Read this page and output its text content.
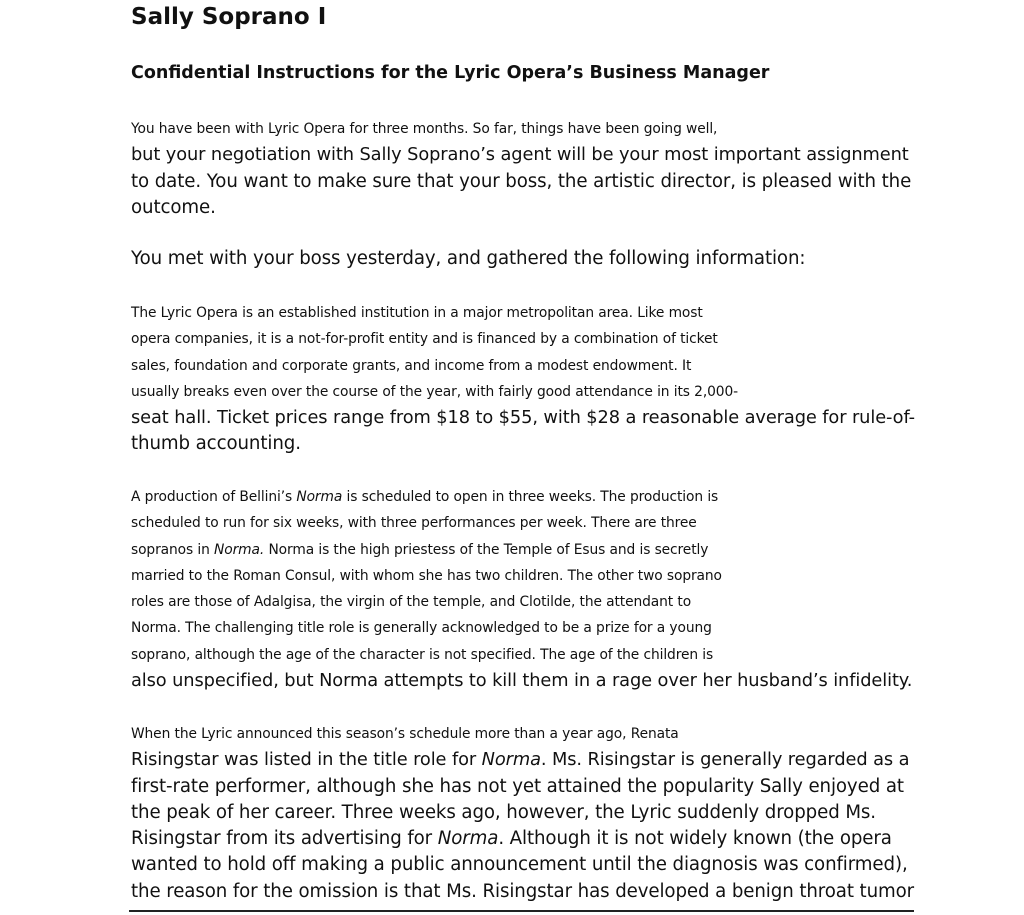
Sally Soprano I
Confidential Instructions for the Lyric Opera’s Business Manager

You have been with Lyric Opera for three months. So far, things have been going well,
but your negotiation with Sally Soprano’s agent will be your most important assignment
to date. You want to make sure that your boss, the artistic director, is pleased with the
outcome.

You met with your boss yesterday, and gathered the following information:

The Lyric Opera is an established institution in a major metropolitan area. Like most
opera companies, it is a not-for-profit entity and is financed by a combination of ticket
sales, foundation and corporate grants, and income from a modest endowment. It
usually breaks even over the course of the year, with fairly good attendance in its 2,000-
seat hall. Ticket prices range from $18 to $55, with $28 a reasonable average for rule-of-
thumb accounting.

A production of Bellini’s Norma is scheduled to open in three weeks. The production is
scheduled to run for six weeks, with three performances per week. There are three
sopranos in Norma. Norma is the high priestess of the Temple of Esus and is secretly
married to the Roman Consul, with whom she has two children. The other two soprano
roles are those of Adalgisa, the virgin of the temple, and Clotilde, the attendant to
Norma. The challenging title role is generally acknowledged to be a prize for a young
soprano, although the age of the character is not specified. The age of the children is
also unspecified, but Norma attempts to kill them in a rage over her husband’s infidelity.

When the Lyric announced this season’s schedule more than a year ago, Renata
Risingstar was listed in the title role for Norma. Ms. Risingstar is generally regarded as a
first-rate performer, although she has not yet attained the popularity Sally enjoyed at
the peak of her career. Three weeks ago, however, the Lyric suddenly dropped Ms.
Risingstar from its advertising for Norma. Although it is not widely known (the opera
wanted to hold off making a public announcement until the diagnosis was confirmed),
the reason for the omission is that Ms. Risingstar has developed a benign throat tumor
